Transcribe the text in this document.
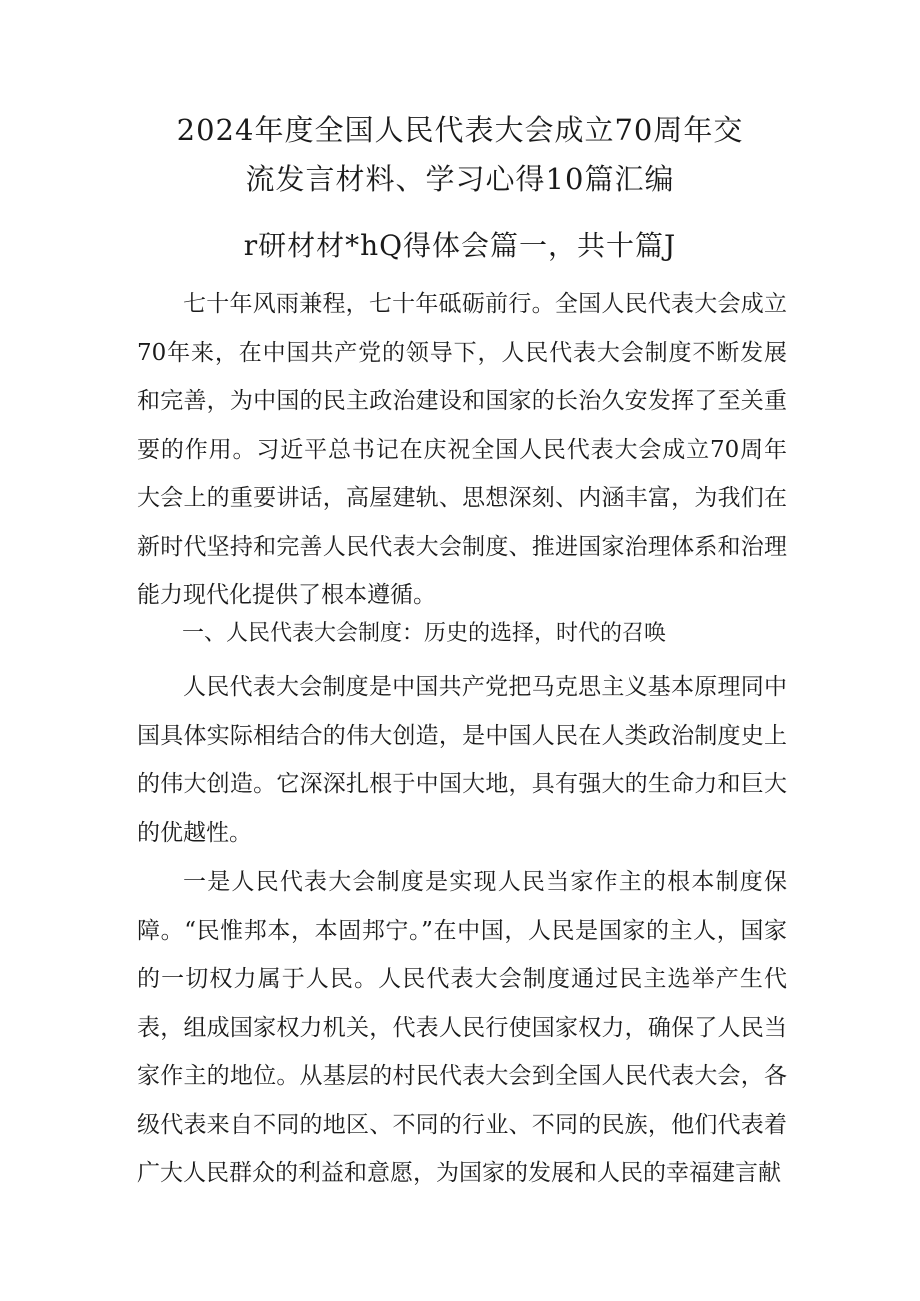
2024年度全国人民代表大会成立70周年交
流发言材料、学习心得10篇汇编
r研材材*hQ得体会篇一，共十篇J

七十年风雨兼程，七十年砥砺前行。全国人民代表大会成立70年来，在中国共产党的领导下，人民代表大会制度不断发展和完善，为中国的民主政治建设和国家的长治久安发挥了至关重要的作用。习近平总书记在庆祝全国人民代表大会成立70周年大会上的重要讲话，高屋建轨、思想深刻、内涵丰富，为我们在新时代坚持和完善人民代表大会制度、推进国家治理体系和治理能力现代化提供了根本遵循。

一、人民代表大会制度：历史的选择，时代的召唤

人民代表大会制度是中国共产党把马克思主义基本原理同中国具体实际相结合的伟大创造，是中国人民在人类政治制度史上的伟大创造。它深深扎根于中国大地，具有强大的生命力和巨大的优越性。

一是人民代表大会制度是实现人民当家作主的根本制度保障。“民惟邦本，本固邦宁。”在中国，人民是国家的主人，国家的一切权力属于人民。人民代表大会制度通过民主选举产生代表，组成国家权力机关，代表人民行使国家权力，确保了人民当家作主的地位。从基层的村民代表大会到全国人民代表大会，各级代表来自不同的地区、不同的行业、不同的民族，他们代表着广大人民群众的利益和意愿，为国家的发展和人民的幸福建言献
